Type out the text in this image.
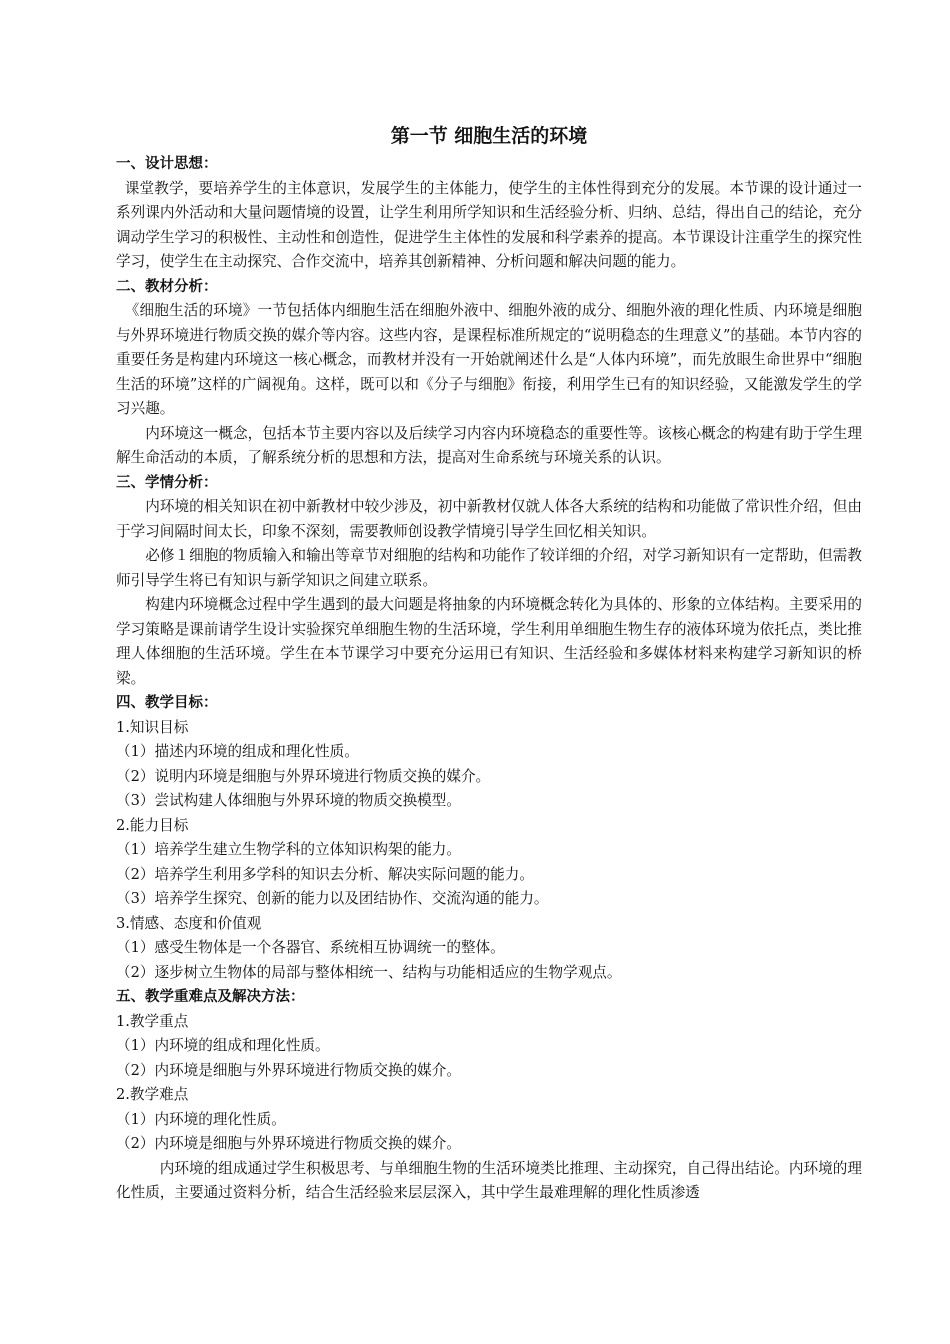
第一节 细胞生活的环境
一、设计思想：

课堂教学，要培养学生的主体意识，发展学生的主体能力，使学生的主体性得到充分的发展。本节课的设计通过一系列课内外活动和大量问题情境的设置，让学生利用所学知识和生活经验分析、归纳、总结，得出自己的结论，充分调动学生学习的积极性、主动性和创造性，促进学生主体性的发展和科学素养的提高。本节课设计注重学生的探究性学习，使学生在主动探究、合作交流中，培养其创新精神、分析问题和解决问题的能力。

二、教材分析：

《细胞生活的环境》一节包括体内细胞生活在细胞外液中、细胞外液的成分、细胞外液的理化性质、内环境是细胞与外界环境进行物质交换的媒介等内容。这些内容，是课程标准所规定的“说明稳态的生理意义”的基础。本节内容的重要任务是构建内环境这一核心概念，而教材并没有一开始就阐述什么是“人体内环境”，而先放眼生命世界中“细胞生活的环境”这样的广阔视角。这样，既可以和《分子与细胞》衔接，利用学生已有的知识经验，又能激发学生的学习兴趣。

内环境这一概念，包括本节主要内容以及后续学习内容内环境稳态的重要性等。该核心概念的构建有助于学生理解生命活动的本质，了解系统分析的思想和方法，提高对生命系统与环境关系的认识。

三、学情分析：

内环境的相关知识在初中新教材中较少涉及，初中新教材仅就人体各大系统的结构和功能做了常识性介绍，但由于学习间隔时间太长，印象不深刻，需要教师创设教学情境引导学生回忆相关知识。

必修１细胞的物质输入和输出等章节对细胞的结构和功能作了较详细的介绍，对学习新知识有一定帮助，但需教师引导学生将已有知识与新学知识之间建立联系。

构建内环境概念过程中学生遇到的最大问题是将抽象的内环境概念转化为具体的、形象的立体结构。主要采用的学习策略是课前请学生设计实验探究单细胞生物的生活环境，学生利用单细胞生物生存的液体环境为依托点，类比推理人体细胞的生活环境。学生在本节课学习中要充分运用已有知识、生活经验和多媒体材料来构建学习新知识的桥梁。

四、教学目标：
1.知识目标
（1）描述内环境的组成和理化性质。
（2）说明内环境是细胞与外界环境进行物质交换的媒介。
（3）尝试构建人体细胞与外界环境的物质交换模型。
2.能力目标
（1）培养学生建立生物学科的立体知识构架的能力。
（2）培养学生利用多学科的知识去分析、解决实际问题的能力。
（3）培养学生探究、创新的能力以及团结协作、交流沟通的能力。
3.情感、态度和价值观
（1）感受生物体是一个各器官、系统相互协调统一的整体。
（2）逐步树立生物体的局部与整体相统一、结构与功能相适应的生物学观点。
五、教学重难点及解决方法：
1.教学重点
（1）内环境的组成和理化性质。
（2）内环境是细胞与外界环境进行物质交换的媒介。
2.教学难点
（1）内环境的理化性质。
（2）内环境是细胞与外界环境进行物质交换的媒介。

内环境的组成通过学生积极思考、与单细胞生物的生活环境类比推理、主动探究，自己得出结论。内环境的理化性质，主要通过资料分析，结合生活经验来层层深入，其中学生最难理解的理化性质渗透
